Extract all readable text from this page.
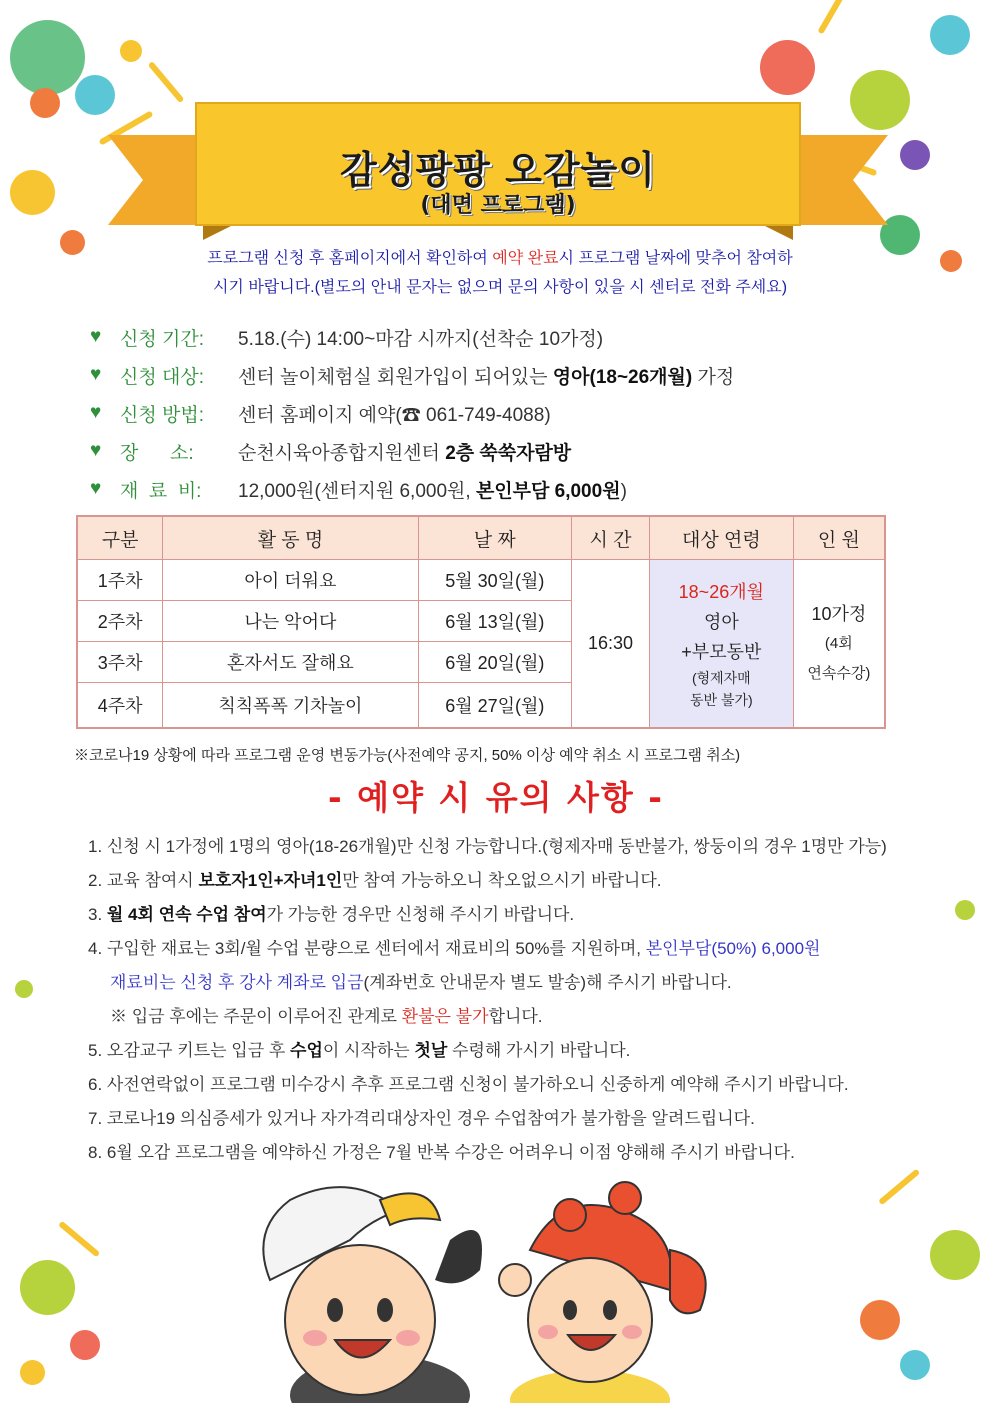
감성팡팡 오감놀이
(대면 프로그램)
프로그램 신청 후 홈페이지에서 확인하여 예약 완료시 프로그램 날짜에 맞추어 참여하
시기 바랍니다.(별도의 안내 문자는 없으며 문의 사항이 있을 시 센터로 전화 주세요)
♥ 신청 기간:	5.18.(수) 14:00~마감 시까지(선착순 10가정)
♥ 신청 대상:	센터 놀이체험실 회원가입이 되어있는 영아(18~26개월) 가정
♥ 신청 방법:	센터 홈페이지 예약(☎ 061-749-4088)
♥ 장      소:	순천시육아종합지원센터 2층 쑥쑥자람방
♥ 재  료  비:	12,000원(센터지원 6,000원, 본인부담 6,000원)
구분	활 동 명	날 짜	시 간	대상 연령	인 원
1주차	아이 더워요	5월 30일(월)	16:30	18~26개월
영아
+부모동반

(형제자매
동반 불가)	10가정
(4회
연속수강)
2주차	나는 악어다	6월 13일(월)			
3주차	혼자서도 잘해요	6월 20일(월)			
4주차	칙칙폭폭 기차놀이	6월 27일(월)			
※코로나19 상황에 따라 프로그램 운영 변동가능(사전예약 공지, 50% 이상 예약 취소 시 프로그램 취소)
- 예약 시 유의 사항 -
1. 신청 시 1가정에 1명의 영아(18-26개월)만 신청 가능합니다.(형제자매 동반불가, 쌍둥이의 경우 1명만 가능)
2. 교육 참여시 보호자1인+자녀1인만 참여 가능하오니 착오없으시기 바랍니다.
3. 월 4회 연속 수업 참여가 가능한 경우만 신청해 주시기 바랍니다.
4. 구입한 재료는 3회/월 수업 분량으로 센터에서 재료비의 50%를 지원하며, 본인부담(50%) 6,000원
재료비는 신청 후 강사 계좌로 입금(계좌번호 안내문자 별도 발송)해 주시기 바랍니다.
※ 입금 후에는 주문이 이루어진 관계로 환불은 불가합니다.
5. 오감교구 키트는 입금 후 수업이 시작하는 첫날 수령해 가시기 바랍니다.
6. 사전연락없이 프로그램 미수강시 추후 프로그램 신청이 불가하오니 신중하게 예약해 주시기 바랍니다.
7. 코로나19 의심증세가 있거나 자가격리대상자인 경우 수업참여가 불가함을 알려드립니다.
8. 6월 오감 프로그램을 예약하신 가정은 7월 반복 수강은 어려우니 이점 양해해 주시기 바랍니다.
